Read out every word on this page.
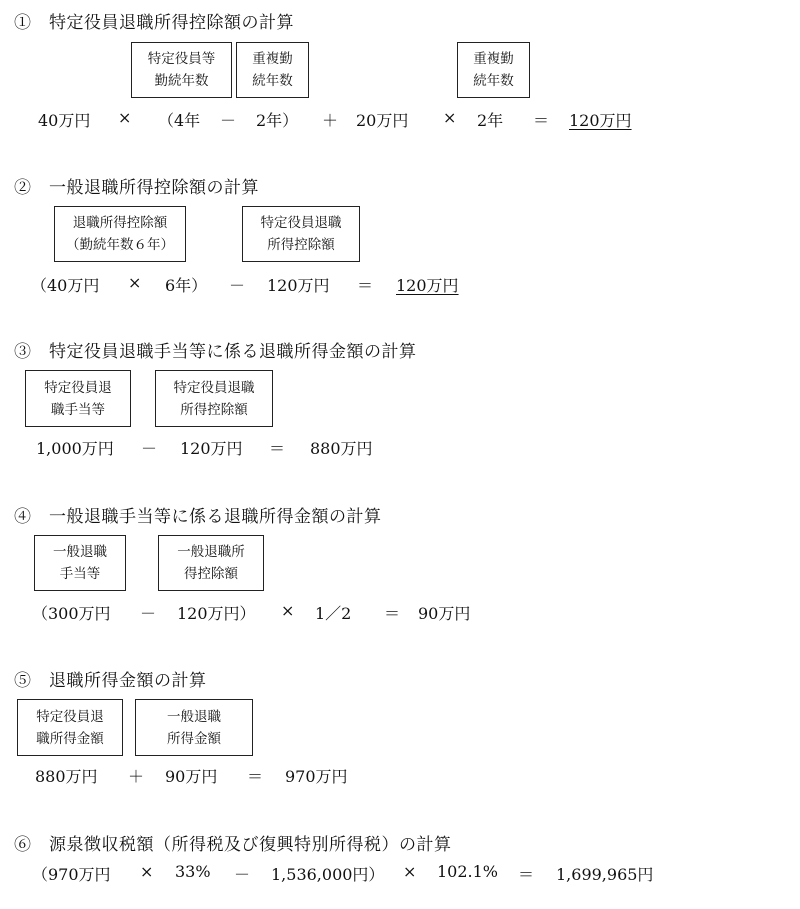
①　特定役員退職所得控除額の計算
特定役員等
勤続年数
重複勤
続年数
重複勤
続年数
40万円 × （4年 － 2年） ＋ 20万円 × 2年 ＝ 120万円
②　一般退職所得控除額の計算
退職所得控除額
（勤続年数６年）
特定役員退職
所得控除額
（40万円 × 6年） － 120万円 ＝ 120万円
③　特定役員退職手当等に係る退職所得金額の計算
特定役員退
職手当等
特定役員退職
所得控除額
1,000万円 － 120万円 ＝ 880万円
④　一般退職手当等に係る退職所得金額の計算
一般退職
手当等
一般退職所
得控除額
（300万円 － 120万円） × 1／2 ＝ 90万円
⑤　退職所得金額の計算
特定役員退
職所得金額
一般退職
所得金額
880万円 ＋ 90万円 ＝ 970万円
⑥　源泉徴収税額（所得税及び復興特別所得税）の計算
（970万円 × 33% － 1,536,000円） × 102.1% ＝ 1,699,965円
